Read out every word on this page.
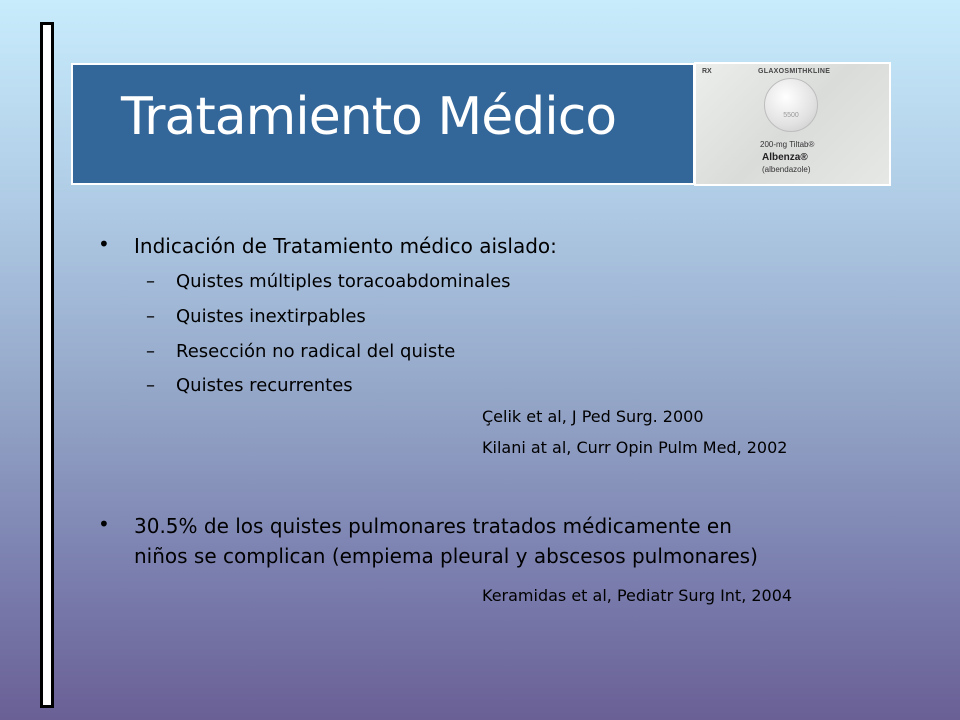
Tratamiento Médico
RX	GLAXOSMITHKLINE
5500
200-mg Tiltab®
Albenza®
(albendazole)
• Indicación de Tratamiento médico aislado:
– Quistes múltiples toracoabdominales
– Quistes inextirpables
– Resección no radical del quiste
– Quistes recurrentes
Çelik et al, J Ped Surg. 2000
Kilani at al, Curr Opin Pulm Med, 2002
• 30.5% de los quistes pulmonares tratados médicamente en
niños se complican (empiema pleural y abscesos pulmonares)
Keramidas et al, Pediatr Surg Int, 2004
